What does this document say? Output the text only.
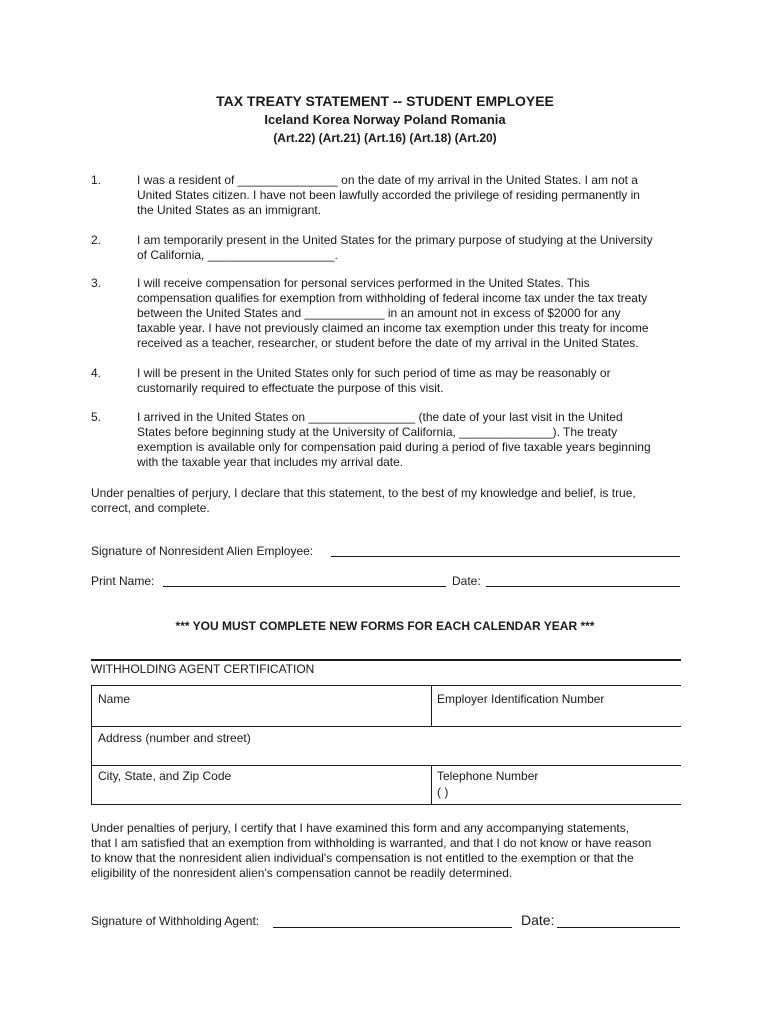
TAX TREATY STATEMENT -- STUDENT EMPLOYEE
Iceland Korea Norway Poland Romania
(Art.22) (Art.21) (Art.16) (Art.18) (Art.20)
1.	I was a resident of _______________ on the date of my arrival in the United States. I am not a
United States citizen. I have not been lawfully accorded the privilege of residing permanently in
the United States as an immigrant.
2.	I am temporarily present in the United States for the primary purpose of studying at the University
of California, ___________________.
3.	I will receive compensation for personal services performed in the United States. This
compensation qualifies for exemption from withholding of federal income tax under the tax treaty
between the United States and ____________ in an amount not in excess of $2000 for any
taxable year. I have not previously claimed an income tax exemption under this treaty for income
received as a teacher, researcher, or student before the date of my arrival in the United States.
4.	I will be present in the United States only for such period of time as may be reasonably or
customarily required to effectuate the purpose of this visit.
5.	I arrived in the United States on ________________ (the date of your last visit in the United
States before beginning study at the University of California, ______________). The treaty
exemption is available only for compensation paid during a period of five taxable years beginning
with the taxable year that includes my arrival date.
Under penalties of perjury, I declare that this statement, to the best of my knowledge and belief, is true,
correct, and complete.
Signature of Nonresident Alien Employee:
Print Name:	Date:
*** YOU MUST COMPLETE NEW FORMS FOR EACH CALENDAR YEAR ***
WITHHOLDING AGENT CERTIFICATION
Name	Employer Identification Number
Address (number and street)
City, State, and Zip Code	Telephone Number
( )
Under penalties of perjury, I certify that I have examined this form and any accompanying statements,
that I am satisfied that an exemption from withholding is warranted, and that I do not know or have reason
to know that the nonresident alien individual's compensation is not entitled to the exemption or that the
eligibility of the nonresident alien's compensation cannot be readily determined.
Signature of Withholding Agent:	Date:
